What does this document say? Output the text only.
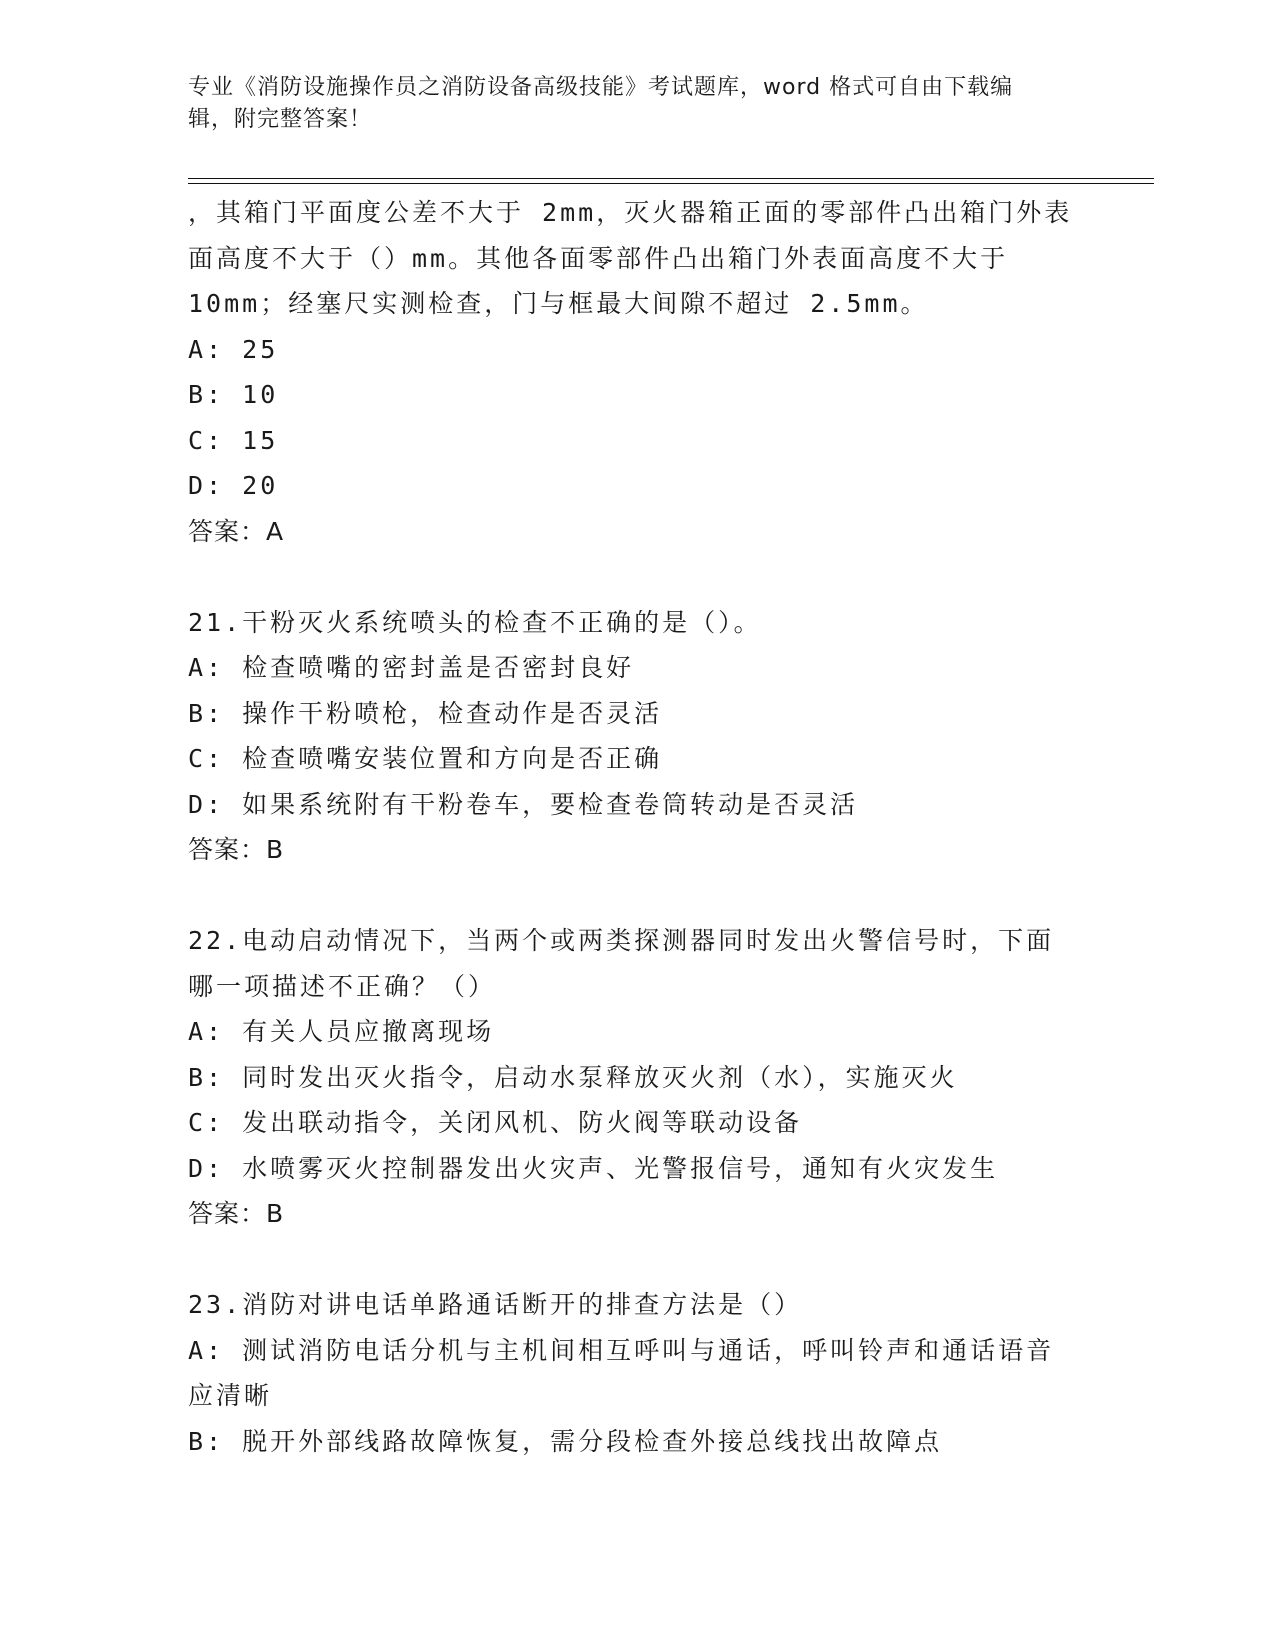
专业《消防设施操作员之消防设备高级技能》考试题库，word 格式可自由下载编
辑，附完整答案！
，其箱门平面度公差不大于 2mm，灭火器箱正面的零部件凸出箱门外表
面高度不大于（）mm。其他各面零部件凸出箱门外表面高度不大于
10mm；经塞尺实测检查，门与框最大间隙不超过 2.5mm。
A: 25
B: 10
C: 15
D: 20
答案：A
21.干粉灭火系统喷头的检查不正确的是（）。
A: 检查喷嘴的密封盖是否密封良好
B: 操作干粉喷枪，检查动作是否灵活
C: 检查喷嘴安装位置和方向是否正确
D: 如果系统附有干粉卷车，要检查卷筒转动是否灵活
答案：B
22.电动启动情况下，当两个或两类探测器同时发出火警信号时，下面
哪一项描述不正确？（）
A: 有关人员应撤离现场
B: 同时发出灭火指令，启动水泵释放灭火剂（水），实施灭火
C: 发出联动指令，关闭风机、防火阀等联动设备
D: 水喷雾灭火控制器发出火灾声、光警报信号，通知有火灾发生
答案：B
23.消防对讲电话单路通话断开的排查方法是（）
A: 测试消防电话分机与主机间相互呼叫与通话，呼叫铃声和通话语音
应清晰
B: 脱开外部线路故障恢复，需分段检查外接总线找出故障点
